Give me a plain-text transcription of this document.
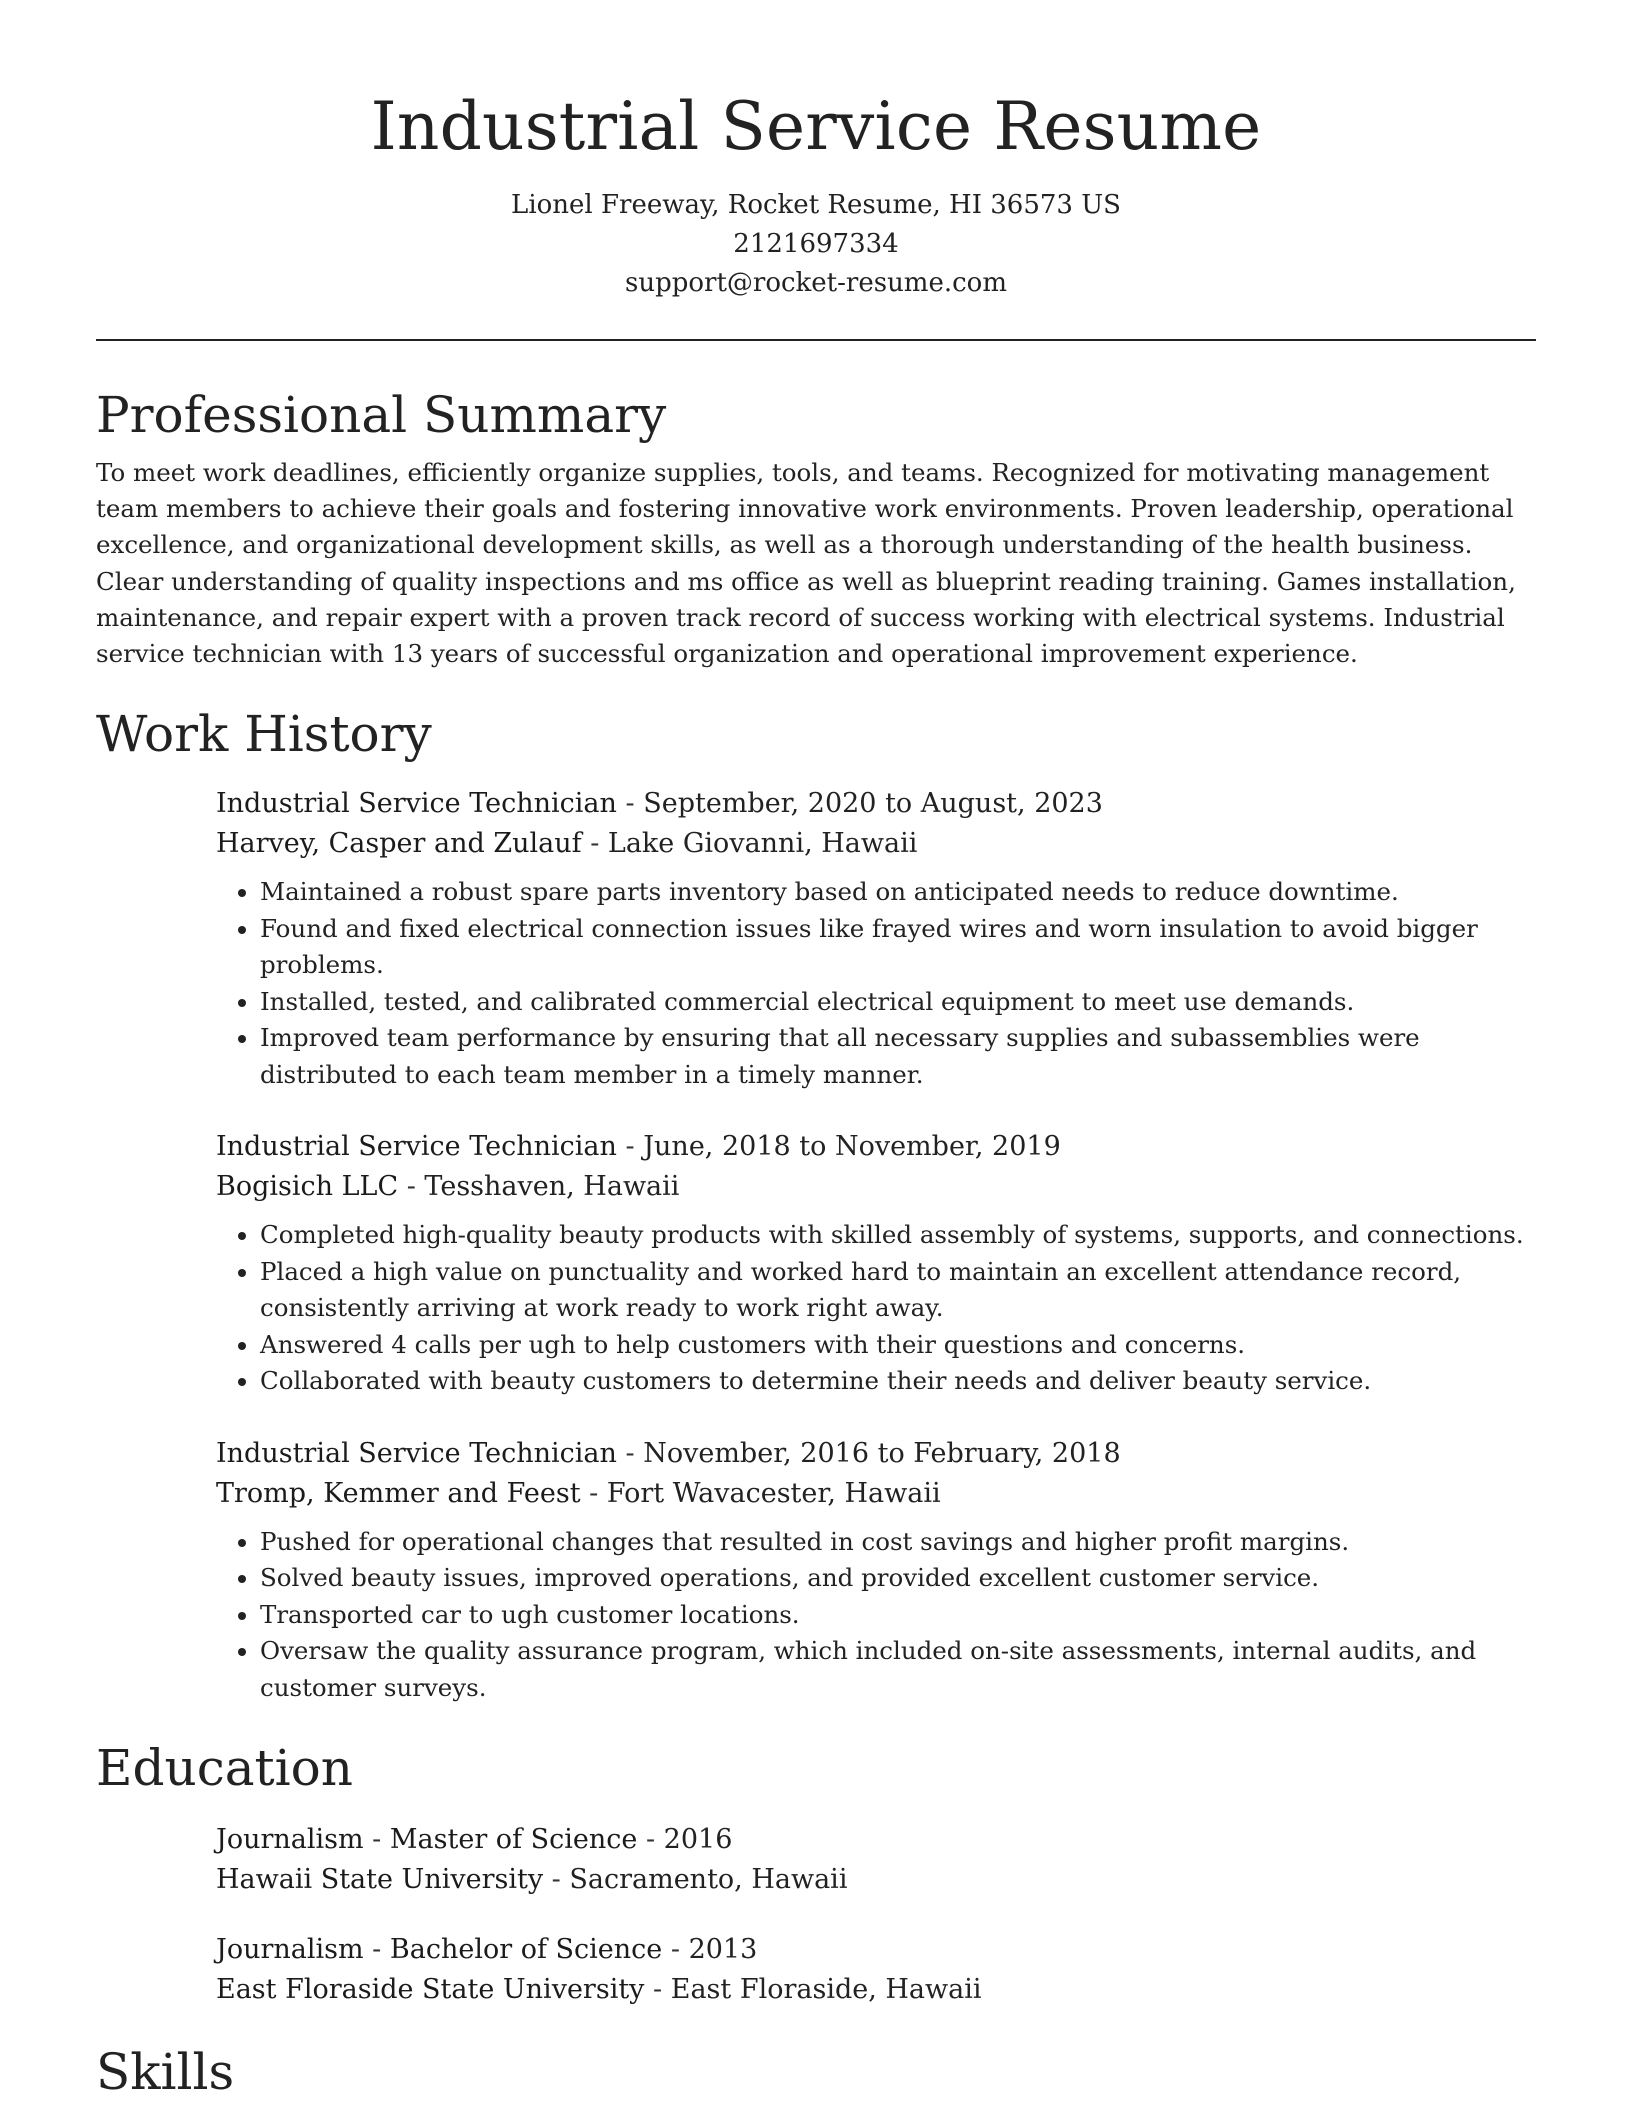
Industrial Service Resume
Lionel Freeway, Rocket Resume, HI 36573 US
2121697334
support@rocket-resume.com
Professional Summary

To meet work deadlines, efficiently organize supplies, tools, and teams. Recognized for motivating management team members to achieve their goals and fostering innovative work environments. Proven leadership, operational excellence, and organizational development skills, as well as a thorough understanding of the health business. Clear understanding of quality inspections and ms office as well as blueprint reading training. Games installation, maintenance, and repair expert with a proven track record of success working with electrical systems. Industrial service technician with 13 years of successful organization and operational improvement experience.

Work History
Industrial Service Technician - September, 2020 to August, 2023
Harvey, Casper and Zulauf - Lake Giovanni, Hawaii
• Maintained a robust spare parts inventory based on anticipated needs to reduce downtime.
• Found and fixed electrical connection issues like frayed wires and worn insulation to avoid bigger problems.
• Installed, tested, and calibrated commercial electrical equipment to meet use demands.
• Improved team performance by ensuring that all necessary supplies and subassemblies were distributed to each team member in a timely manner.
Industrial Service Technician - June, 2018 to November, 2019
Bogisich LLC - Tesshaven, Hawaii
• Completed high-quality beauty products with skilled assembly of systems, supports, and connections.
• Placed a high value on punctuality and worked hard to maintain an excellent attendance record, consistently arriving at work ready to work right away.
• Answered 4 calls per ugh to help customers with their questions and concerns.
• Collaborated with beauty customers to determine their needs and deliver beauty service.
Industrial Service Technician - November, 2016 to February, 2018
Tromp, Kemmer and Feest - Fort Wavacester, Hawaii
• Pushed for operational changes that resulted in cost savings and higher profit margins.
• Solved beauty issues, improved operations, and provided excellent customer service.
• Transported car to ugh customer locations.
• Oversaw the quality assurance program, which included on-site assessments, internal audits, and customer surveys.
Education
Journalism - Master of Science - 2016
Hawaii State University - Sacramento, Hawaii
Journalism - Bachelor of Science - 2013
East Floraside State University - East Floraside, Hawaii
Skills
